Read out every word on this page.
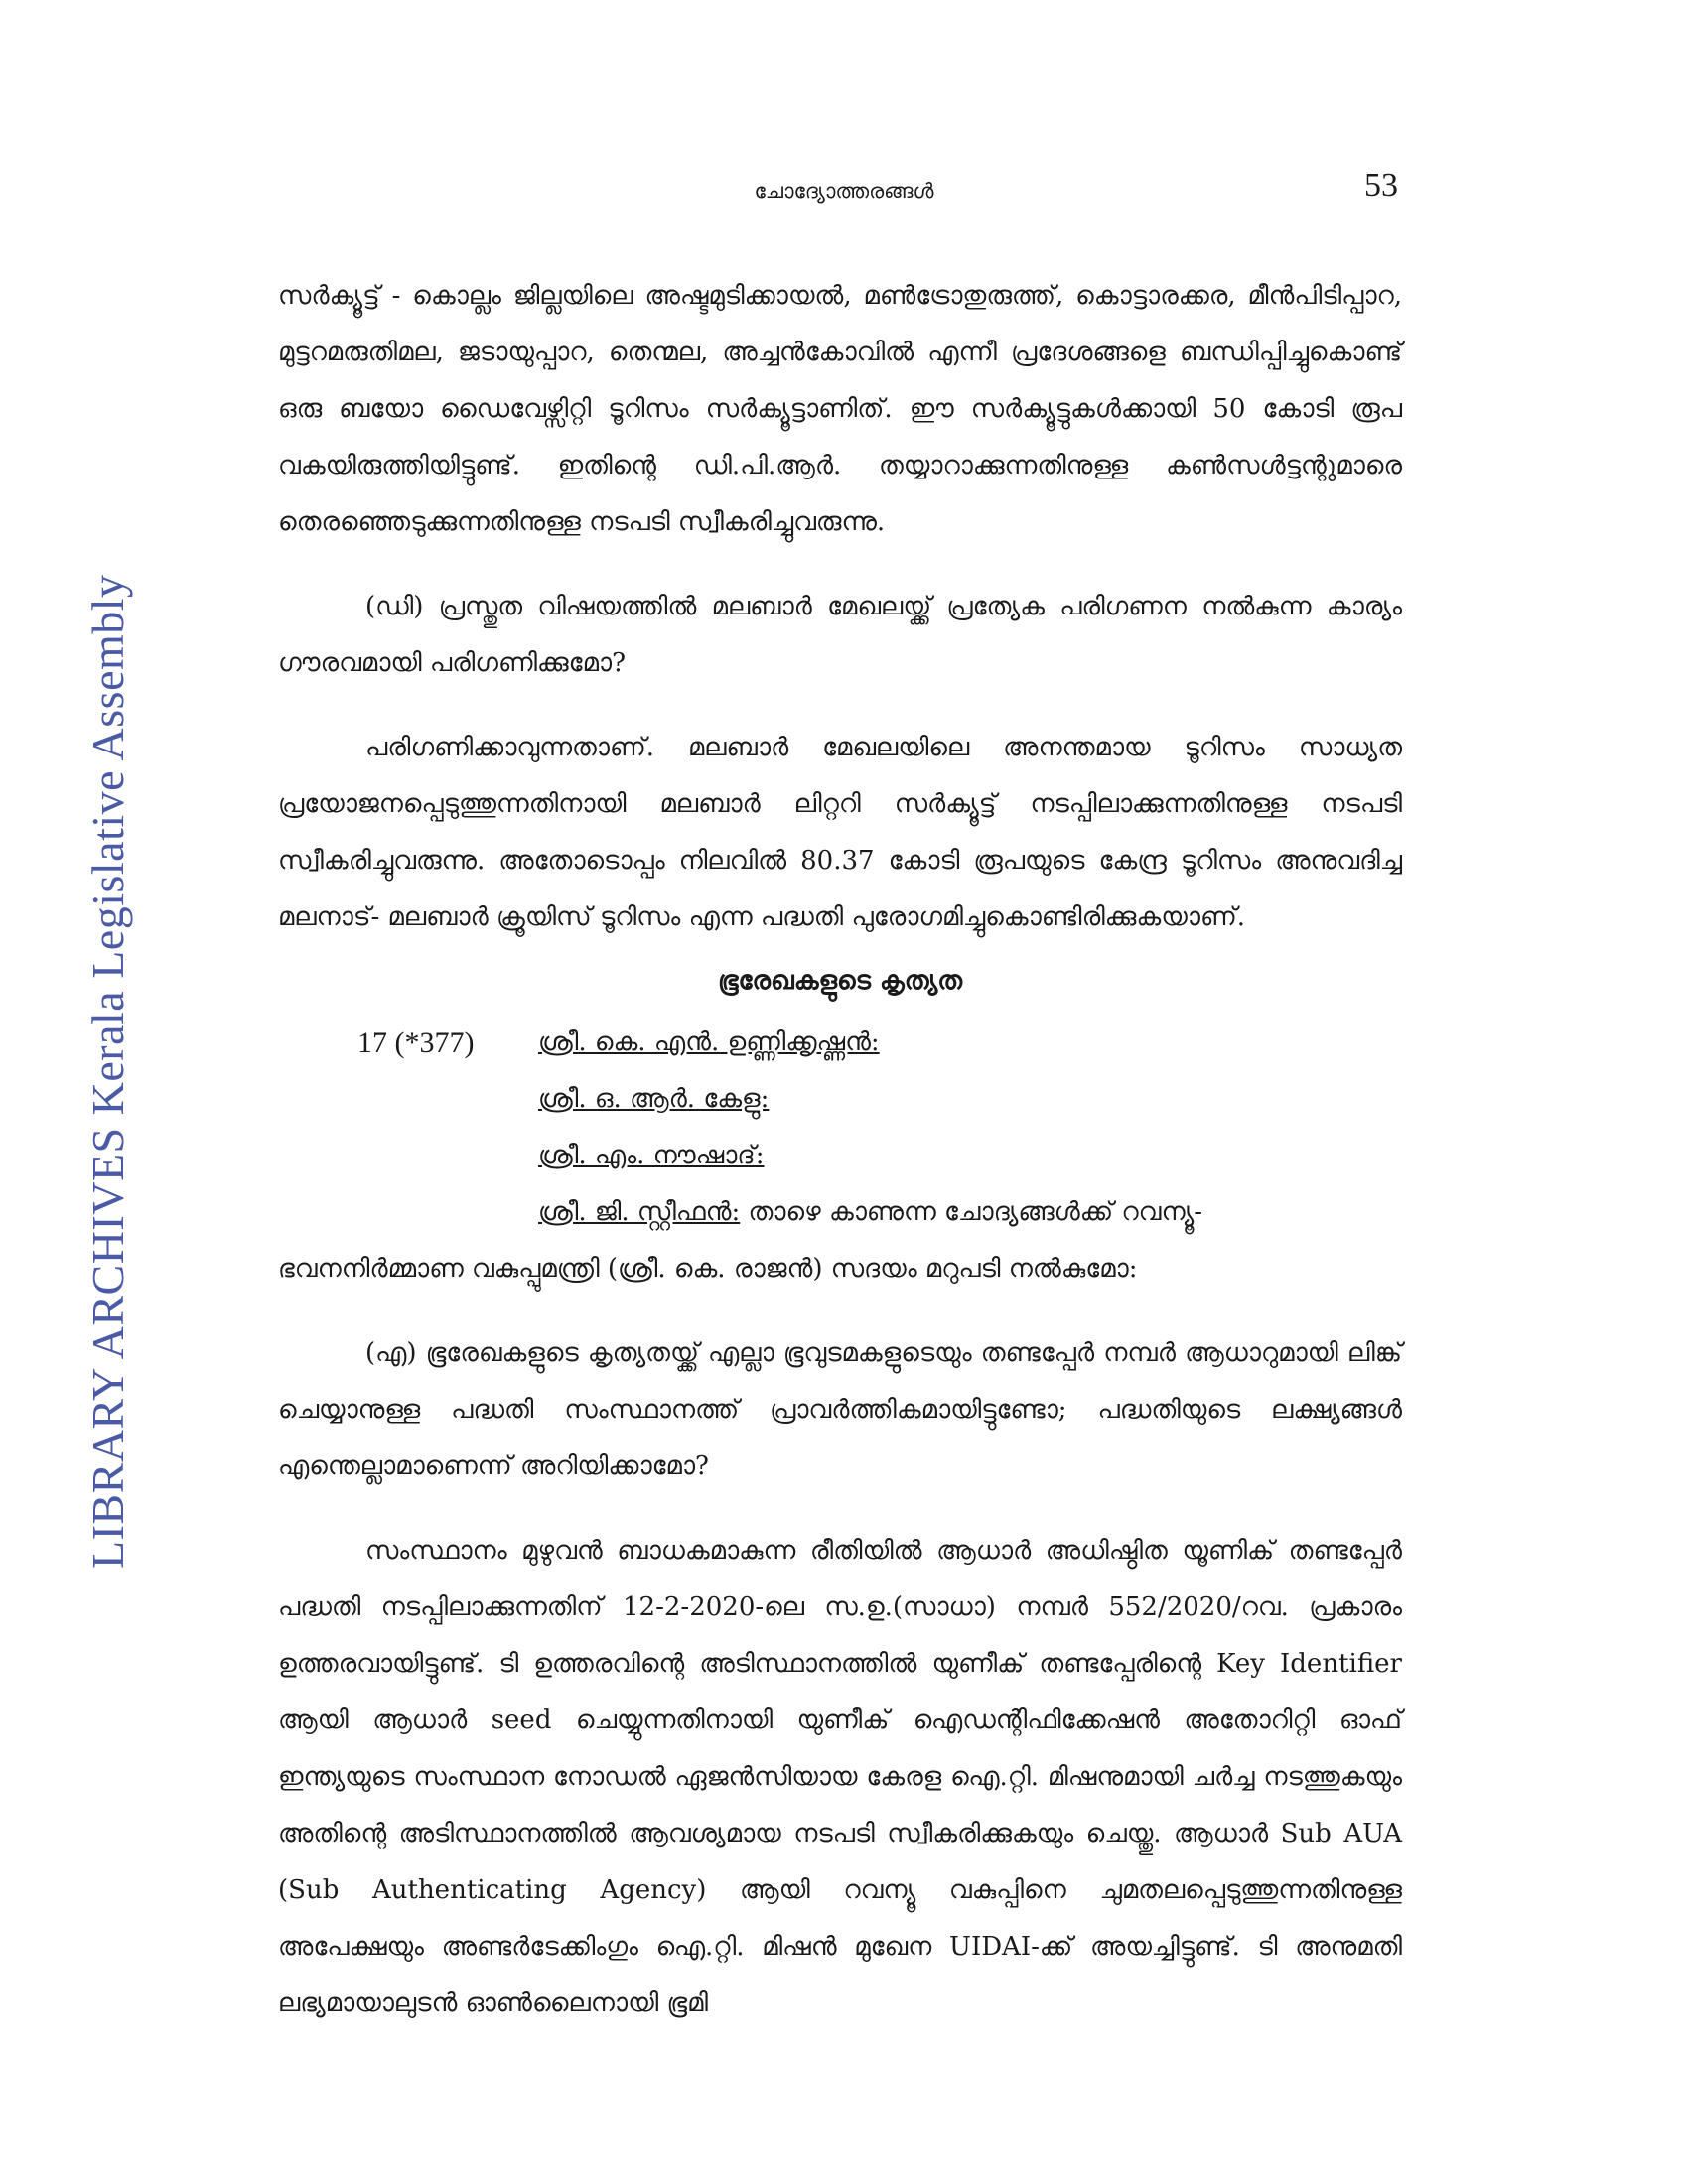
LIBRARY ARCHIVES Kerala Legislative Assembly
ചോദ്യോത്തരങ്ങൾ	53

സർക്യൂട്ട് - കൊല്ലം ജില്ലയിലെ അഷ്ടമുടിക്കായൽ, മൺട്രോതുരുത്ത്, കൊട്ടാരക്കര, മീൻപിടിപ്പാറ, മുട്ടറമരുതിമല, ജടായുപ്പാറ, തെന്മല, അച്ചൻകോവിൽ എന്നീ പ്രദേശങ്ങളെ ബന്ധിപ്പിച്ചുകൊണ്ട് ഒരു ബയോ ഡൈവേഴ്സിറ്റി ടൂറിസം സർക്യൂട്ടാണിത്. ഈ സർക്യൂട്ടുകൾക്കായി 50 കോടി രൂപ വകയിരുത്തിയിട്ടുണ്ട്. ഇതിന്റെ ഡി.പി.ആർ. തയ്യാറാക്കുന്നതിനുള്ള കൺസൾട്ടന്റുമാരെ തെരഞ്ഞെടുക്കുന്നതിനുള്ള നടപടി സ്വീകരിച്ചുവരുന്നു.

(ഡി) പ്രസ്തുത വിഷയത്തിൽ മലബാർ മേഖലയ്ക്ക് പ്രത്യേക പരിഗണന നൽകുന്ന കാര്യം ഗൗരവമായി പരിഗണിക്കുമോ?

പരിഗണിക്കാവുന്നതാണ്. മലബാർ മേഖലയിലെ അനന്തമായ ടൂറിസം സാധ്യത പ്രയോജനപ്പെടുത്തുന്നതിനായി മലബാർ ലിറ്ററി സർക്യൂട്ട് നടപ്പിലാക്കുന്നതിനുള്ള നടപടി സ്വീകരിച്ചുവരുന്നു. അതോടൊപ്പം നിലവിൽ 80.37 കോടി രൂപയുടെ കേന്ദ്ര ടൂറിസം അനുവദിച്ച മലനാട്- മലബാർ ക്രൂയിസ് ടൂറിസം എന്ന പദ്ധതി പുരോഗമിച്ചുകൊണ്ടിരിക്കുകയാണ്.

ഭൂരേഖകളുടെ കൃത്യത
17 (*377) ശ്രീ. കെ. എൻ. ഉണ്ണിക്കൃഷ്ണൻ:
ശ്രീ. ഒ. ആർ. കേളു:
ശ്രീ. എം. നൗഷാദ്:
ശ്രീ. ജി. സ്റ്റീഫൻ: താഴെ കാണുന്ന ചോദ്യങ്ങൾക്ക് റവന്യൂ-

ഭവനനിർമ്മാണ വകുപ്പുമന്ത്രി (ശ്രീ. കെ. രാജൻ) സദയം മറുപടി നൽകുമോ:

(എ) ഭൂരേഖകളുടെ കൃത്യതയ്ക്ക് എല്ലാ ഭൂവുടമകളുടെയും തണ്ടപ്പേർ നമ്പർ ആധാറുമായി ലിങ്ക് ചെയ്യാനുള്ള പദ്ധതി സംസ്ഥാനത്ത് പ്രാവർത്തികമായിട്ടുണ്ടോ; പദ്ധതിയുടെ ലക്ഷ്യങ്ങൾ എന്തെല്ലാമാണെന്ന് അറിയിക്കാമോ?

സംസ്ഥാനം മുഴുവൻ ബാധകമാകുന്ന രീതിയിൽ ആധാർ അധിഷ്ഠിത യൂണിക് തണ്ടപ്പേർ പദ്ധതി നടപ്പിലാക്കുന്നതിന് 12-2-2020-ലെ സ.ഉ.(സാധാ) നമ്പർ 552/2020/റവ. പ്രകാരം ഉത്തരവായിട്ടുണ്ട്. ടി ഉത്തരവിന്റെ അടിസ്ഥാനത്തിൽ യുണീക് തണ്ടപ്പേരിന്റെ Key Identifier ആയി ആധാർ seed ചെയ്യുന്നതിനായി യുണീക് ഐഡന്റിഫിക്കേഷൻ അതോറിറ്റി ഓഫ് ഇന്ത്യയുടെ സംസ്ഥാന നോഡൽ ഏജൻസിയായ കേരള ഐ.റ്റി. മിഷനുമായി ചർച്ച നടത്തുകയും അതിന്റെ അടിസ്ഥാനത്തിൽ ആവശ്യമായ നടപടി സ്വീകരിക്കുകയും ചെയ്തു. ആധാർ Sub AUA (Sub Authenticating Agency) ആയി റവന്യൂ വകുപ്പിനെ ചുമതലപ്പെടുത്തുന്നതിനുള്ള അപേക്ഷയും അണ്ടർടേക്കിംഗും ഐ.റ്റി. മിഷൻ മുഖേന UIDAI-ക്ക് അയച്ചിട്ടുണ്ട്. ടി അനുമതി ലഭ്യമായാലുടൻ ഓൺലൈനായി ഭൂമി
